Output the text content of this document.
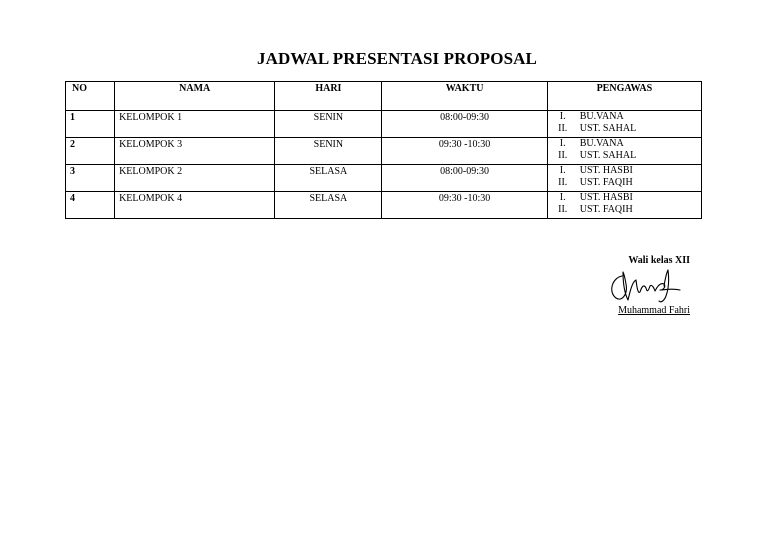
JADWAL PRESENTASI PROPOSAL
NO	NAMA	HARI	WAKTU	PENGAWAS
1	KELOMPOK 1	SENIN	08:00-09:30	I. BU.VANA
II. UST. SAHAL

2	KELOMPOK 3	SENIN	09:30 -10:30	I. BU.VANA
II. UST. SAHAL

3	KELOMPOK 2	SELASA	08:00-09:30	I. UST. HASBI
II. UST. FAQIH

4	KELOMPOK 4	SELASA	09:30 -10:30	I. UST. HASBI
II. UST. FAQIH
Wali kelas XII
Muhammad Fahri
